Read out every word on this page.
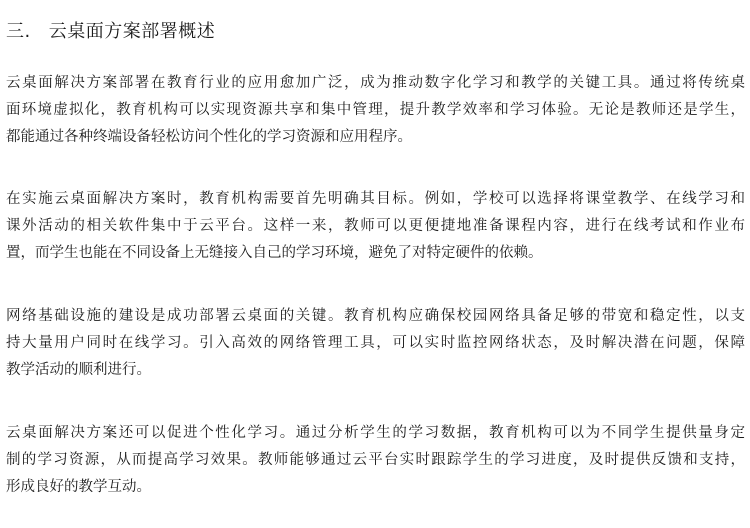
三. 云桌面方案部署概述

云桌面解决方案部署在教育行业的应用愈加广泛，成为推动数字化学习和教学的关键工具。通过将传统桌
面环境虚拟化，教育机构可以实现资源共享和集中管理，提升教学效率和学习体验。无论是教师还是学生，
都能通过各种终端设备轻松访问个性化的学习资源和应用程序。

在实施云桌面解决方案时，教育机构需要首先明确其目标。例如，学校可以选择将课堂教学、在线学习和
课外活动的相关软件集中于云平台。这样一来，教师可以更便捷地准备课程内容，进行在线考试和作业布
置，而学生也能在不同设备上无缝接入自己的学习环境，避免了对特定硬件的依赖。

网络基础设施的建设是成功部署云桌面的关键。教育机构应确保校园网络具备足够的带宽和稳定性，以支
持大量用户同时在线学习。引入高效的网络管理工具，可以实时监控网络状态，及时解决潜在问题，保障
教学活动的顺利进行。

云桌面解决方案还可以促进个性化学习。通过分析学生的学习数据，教育机构可以为不同学生提供量身定
制的学习资源，从而提高学习效果。教师能够通过云平台实时跟踪学生的学习进度，及时提供反馈和支持，
形成良好的教学互动。
